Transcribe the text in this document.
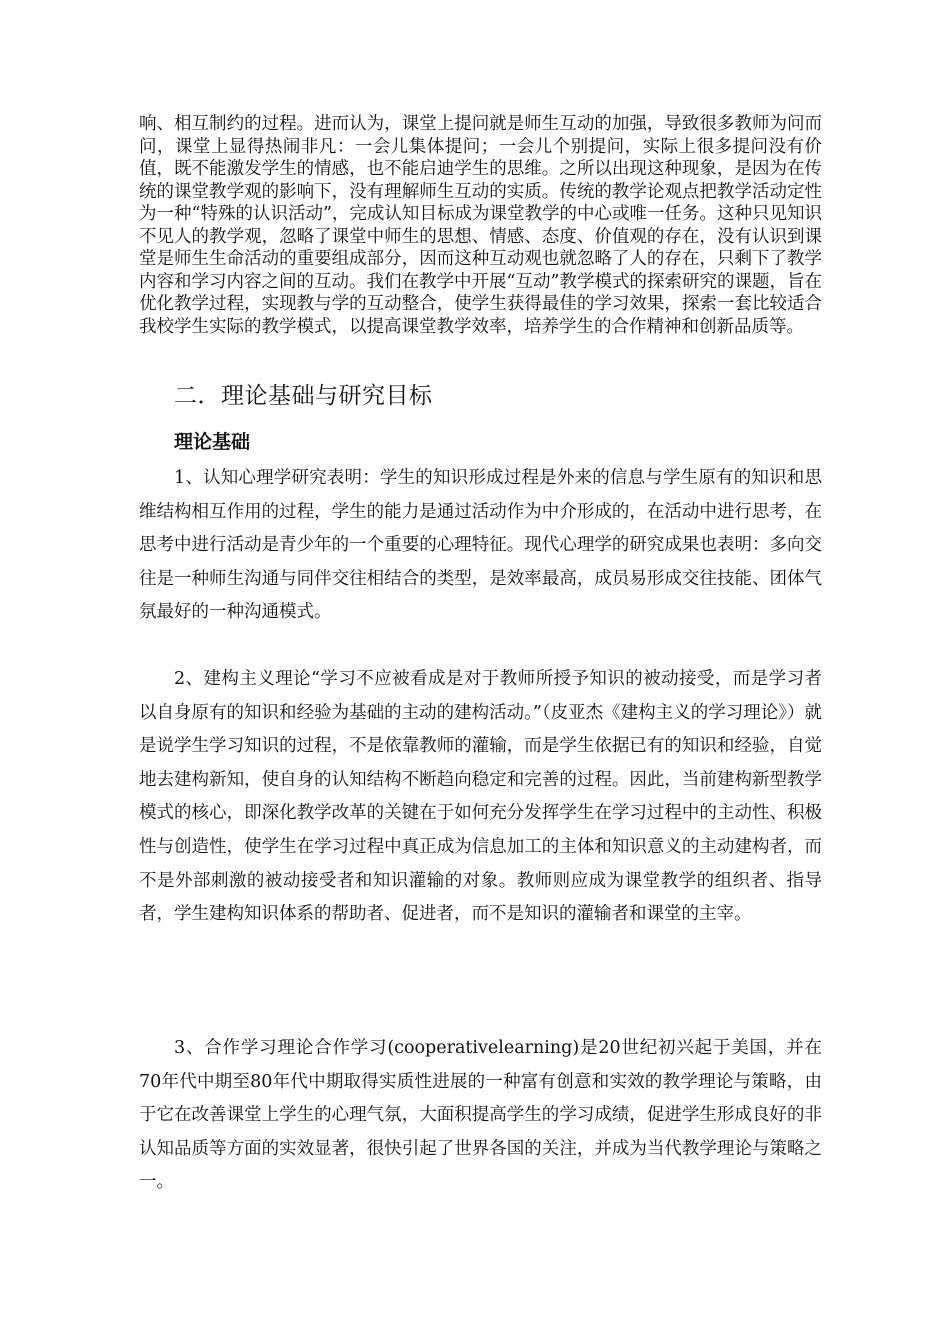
响、相互制约的过程。进而认为，课堂上提问就是师生互动的加强，导致很多教师为问而问，课堂上显得热闹非凡：一会儿集体提问；一会儿个别提问，实际上很多提问没有价值，既不能激发学生的情感，也不能启迪学生的思维。之所以出现这种现象，是因为在传统的课堂教学观的影响下，没有理解师生互动的实质。传统的教学论观点把教学活动定性为一种“特殊的认识活动”，完成认知目标成为课堂教学的中心或唯一任务。这种只见知识不见人的教学观，忽略了课堂中师生的思想、情感、态度、价值观的存在，没有认识到课堂是师生生命活动的重要组成部分，因而这种互动观也就忽略了人的存在，只剩下了教学内容和学习内容之间的互动。我们在教学中开展“互动”教学模式的探索研究的课题，旨在优化教学过程，实现教与学的互动整合，使学生获得最佳的学习效果，探索一套比较适合我校学生实际的教学模式，以提高课堂教学效率，培养学生的合作精神和创新品质等。

二．理论基础与研究目标
理论基础

1、认知心理学研究表明：学生的知识形成过程是外来的信息与学生原有的知识和思维结构相互作用的过程，学生的能力是通过活动作为中介形成的，在活动中进行思考，在思考中进行活动是青少年的一个重要的心理特征。现代心理学的研究成果也表明：多向交往是一种师生沟通与同伴交往相结合的类型，是效率最高，成员易形成交往技能、团体气氛最好的一种沟通模式。

2、建构主义理论“学习不应被看成是对于教师所授予知识的被动接受，而是学习者以自身原有的知识和经验为基础的主动的建构活动。”（皮亚杰《建构主义的学习理论》）就是说学生学习知识的过程，不是依靠教师的灌输，而是学生依据已有的知识和经验，自觉地去建构新知，使自身的认知结构不断趋向稳定和完善的过程。因此，当前建构新型教学模式的核心，即深化教学改革的关键在于如何充分发挥学生在学习过程中的主动性、积极性与创造性，使学生在学习过程中真正成为信息加工的主体和知识意义的主动建构者，而不是外部刺激的被动接受者和知识灌输的对象。教师则应成为课堂教学的组织者、指导者，学生建构知识体系的帮助者、促进者，而不是知识的灌输者和课堂的主宰。

3、合作学习理论合作学习(cooperativelearning)是20世纪初兴起于美国，并在70年代中期至80年代中期取得实质性进展的一种富有创意和实效的教学理论与策略，由于它在改善课堂上学生的心理气氛，大面积提高学生的学习成绩，促进学生形成良好的非认知品质等方面的实效显著，很快引起了世界各国的关注，并成为当代教学理论与策略之一。
